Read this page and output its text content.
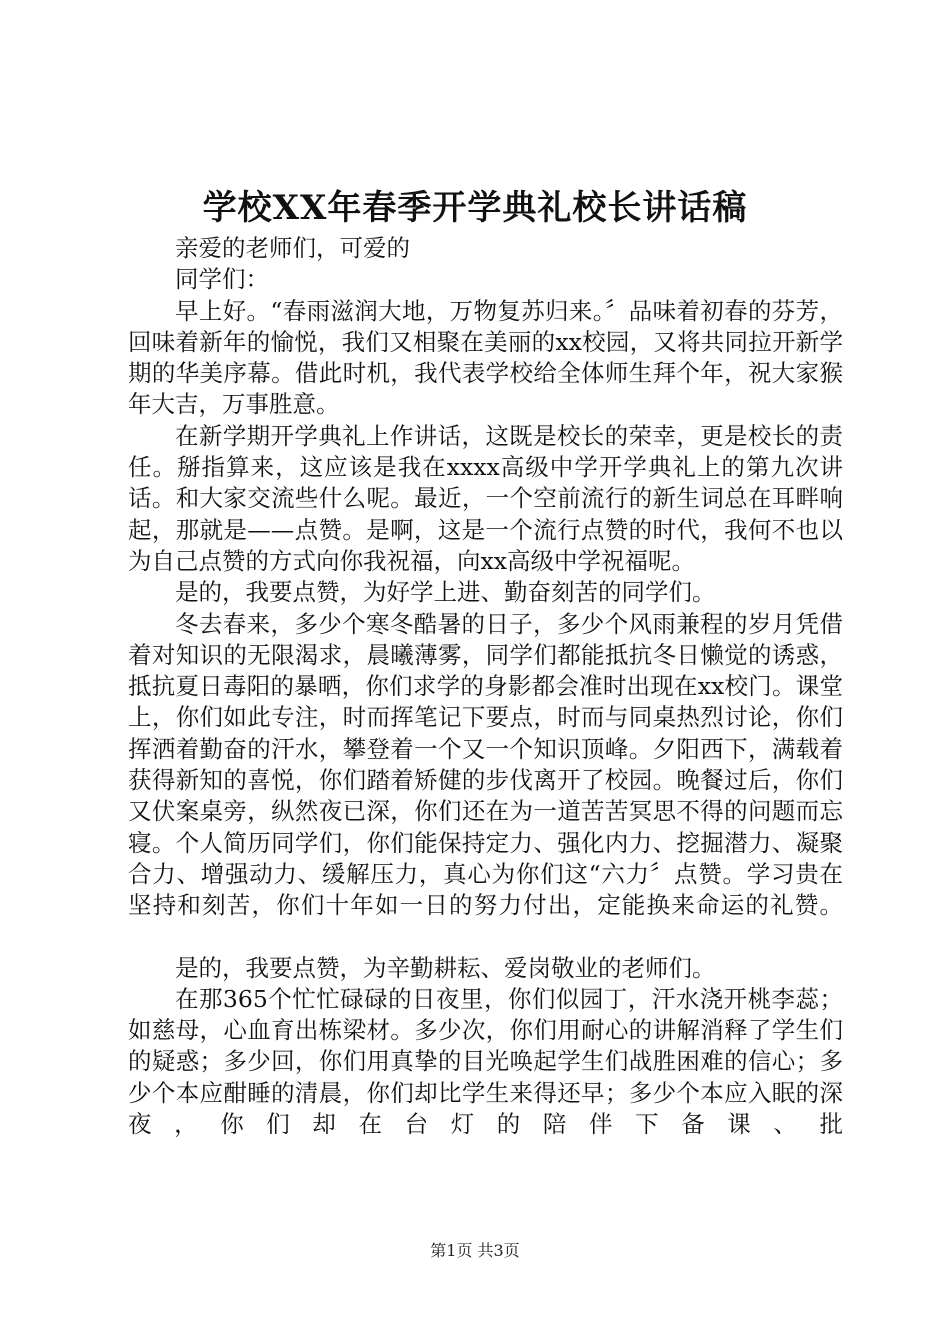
学校XX年春季开学典礼校长讲话稿

亲爱的老师们，可爱的

同学们：

早上好。“春雨滋润大地，万物复苏归来。〞品味着初春的芬芳，回味着新年的愉悦，我们又相聚在美丽的xx校园，又将共同拉开新学期的华美序幕。借此时机，我代表学校给全体师生拜个年，祝大家猴年大吉，万事胜意。

在新学期开学典礼上作讲话，这既是校长的荣幸，更是校长的责任。掰指算来，这应该是我在xxxx高级中学开学典礼上的第九次讲话。和大家交流些什么呢。最近，一个空前流行的新生词总在耳畔响起，那就是——点赞。是啊，这是一个流行点赞的时代，我何不也以为自己点赞的方式向你我祝福，向xx高级中学祝福呢。

是的，我要点赞，为好学上进、勤奋刻苦的同学们。

冬去春来，多少个寒冬酷暑的日子，多少个风雨兼程的岁月凭借着对知识的无限渴求，晨曦薄雾，同学们都能抵抗冬日懒觉的诱惑，抵抗夏日毒阳的暴晒，你们求学的身影都会准时出现在xx校门。课堂上，你们如此专注，时而挥笔记下要点，时而与同桌热烈讨论，你们挥洒着勤奋的汗水，攀登着一个又一个知识顶峰。夕阳西下，满载着获得新知的喜悦，你们踏着矫健的步伐离开了校园。晚餐过后，你们又伏案桌旁，纵然夜已深，你们还在为一道苦苦冥思不得的问题而忘寝。个人简历同学们，你们能保持定力、强化内力、挖掘潜力、凝聚合力、增强动力、缓解压力，真心为你们这“六力〞点赞。学习贵在坚持和刻苦，你们十年如一日的努力付出，定能换来命运的礼赞。

是的，我要点赞，为辛勤耕耘、爱岗敬业的老师们。

在那365个忙忙碌碌的日夜里，你们似园丁，汗水浇开桃李蕊；如慈母，心血育出栋梁材。多少次，你们用耐心的讲解消释了学生们的疑惑；多少回，你们用真挚的目光唤起学生们战胜困难的信心；多少个本应酣睡的清晨，你们却比学生来得还早；多少个本应入眠的深夜，你们却在台灯的陪伴下备课、批

第1页 共3页
